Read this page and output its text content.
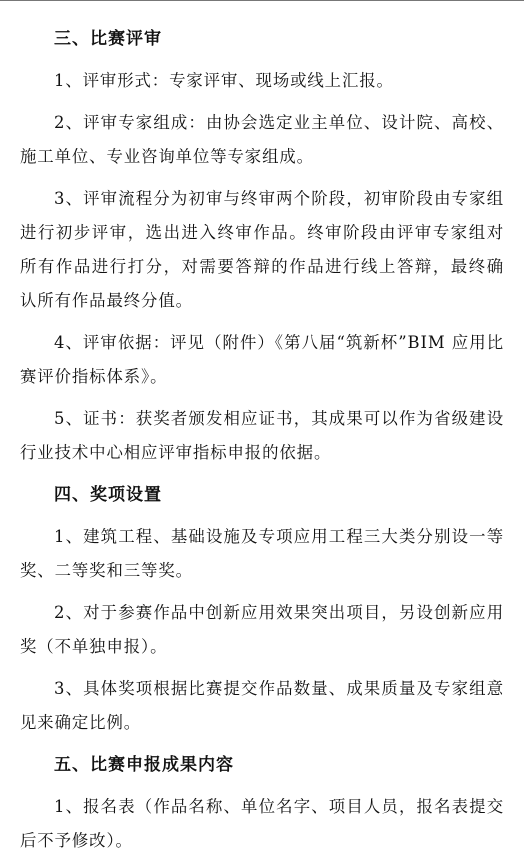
三、比赛评审

1、评审形式：专家评审、现场或线上汇报。

2、评审专家组成：由协会选定业主单位、设计院、高校、施工单位、专业咨询单位等专家组成。

3、评审流程分为初审与终审两个阶段，初审阶段由专家组进行初步评审，选出进入终审作品。终审阶段由评审专家组对所有作品进行打分，对需要答辩的作品进行线上答辩，最终确认所有作品最终分值。

4、评审依据：评见（附件）《第八届“筑新杯”BIM 应用比赛评价指标体系》。

5、证书：获奖者颁发相应证书，其成果可以作为省级建设行业技术中心相应评审指标申报的依据。

四、奖项设置

1、建筑工程、基础设施及专项应用工程三大类分别设一等奖、二等奖和三等奖。

2、对于参赛作品中创新应用效果突出项目，另设创新应用奖（不单独申报）。

3、具体奖项根据比赛提交作品数量、成果质量及专家组意见来确定比例。

五、比赛申报成果内容

1、报名表（作品名称、单位名字、项目人员，报名表提交后不予修改）。
